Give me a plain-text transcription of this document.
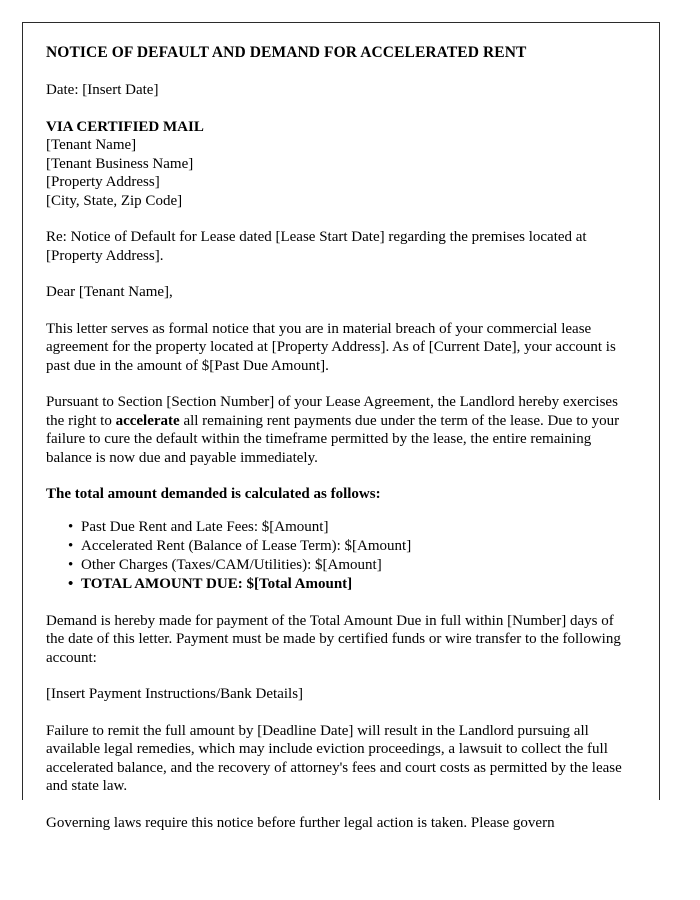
NOTICE OF DEFAULT AND DEMAND FOR ACCELERATED RENT

Date: [Insert Date]

VIA CERTIFIED MAIL
[Tenant Name]
[Tenant Business Name]
[Property Address]
[City, State, Zip Code]

Re: Notice of Default for Lease dated [Lease Start Date] regarding the premises located at [Property Address].

Dear [Tenant Name],

This letter serves as formal notice that you are in material breach of your commercial lease agreement for the property located at [Property Address]. As of [Current Date], your account is past due in the amount of $[Past Due Amount].

Pursuant to Section [Section Number] of your Lease Agreement, the Landlord hereby exercises the right to accelerate all remaining rent payments due under the term of the lease. Due to your failure to cure the default within the timeframe permitted by the lease, the entire remaining balance is now due and payable immediately.

The total amount demanded is calculated as follows:

• Past Due Rent and Late Fees: $[Amount]
• Accelerated Rent (Balance of Lease Term): $[Amount]
• Other Charges (Taxes/CAM/Utilities): $[Amount]
• TOTAL AMOUNT DUE: $[Total Amount]

Demand is hereby made for payment of the Total Amount Due in full within [Number] days of the date of this letter. Payment must be made by certified funds or wire transfer to the following account:

[Insert Payment Instructions/Bank Details]

Failure to remit the full amount by [Deadline Date] will result in the Landlord pursuing all available legal remedies, which may include eviction proceedings, a lawsuit to collect the full accelerated balance, and the recovery of attorney's fees and court costs as permitted by the lease and state law.

Governing laws require this notice before further legal action is taken. Please govern
